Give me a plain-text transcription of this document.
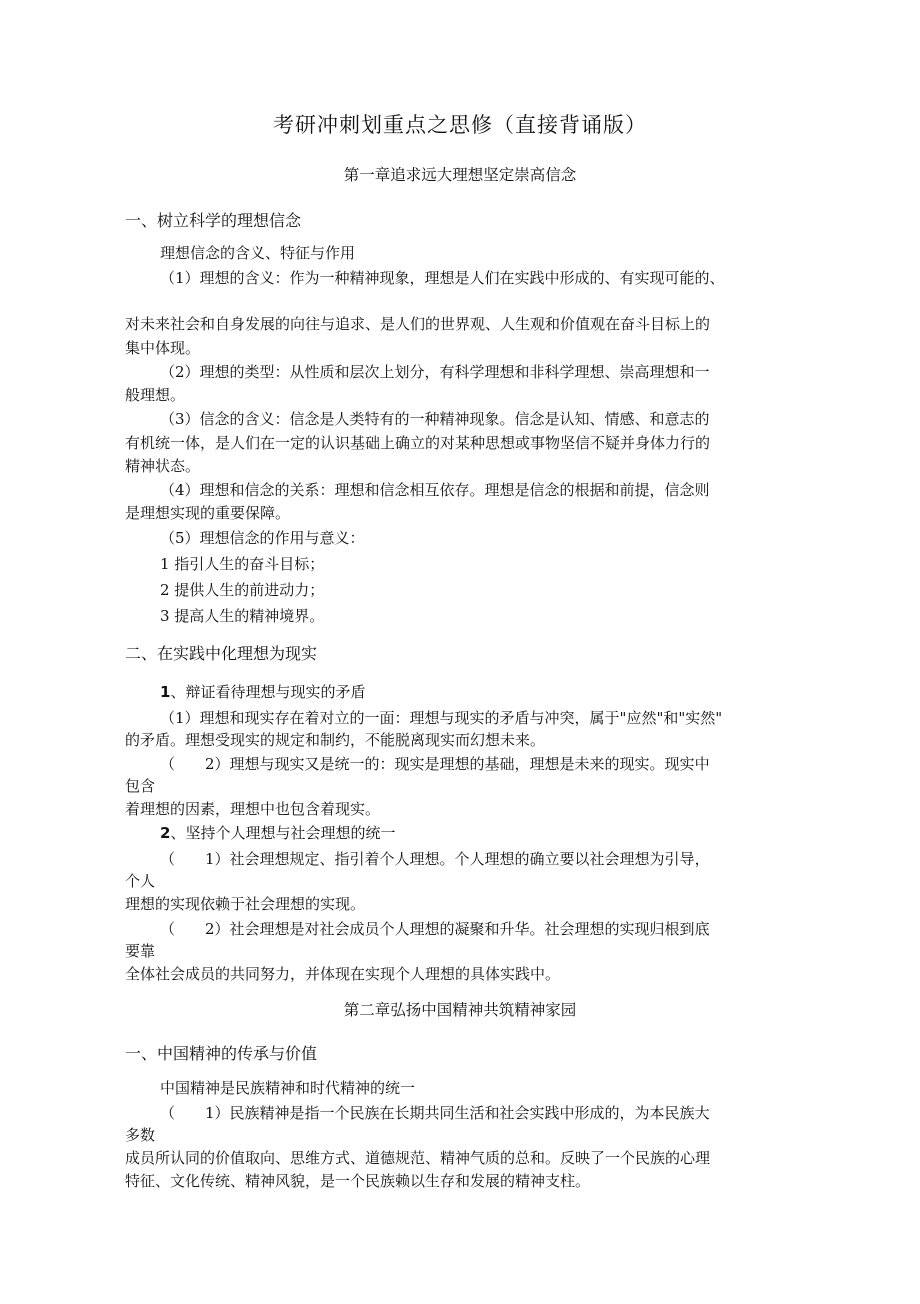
考研冲刺划重点之思修（直接背诵版）
第一章追求远大理想坚定崇高信念
一、树立科学的理想信念
理想信念的含义、特征与作用
（1）理想的含义：作为一种精神现象，理想是人们在实践中形成的、有实现可能的、
对未来社会和自身发展的向往与追求、是人们的世界观、人生观和价值观在奋斗目标上的
集中体现。
（2）理想的类型：从性质和层次上划分，有科学理想和非科学理想、崇高理想和一
般理想。
（3）信念的含义：信念是人类特有的一种精神现象。信念是认知、情感、和意志的
有机统一体，是人们在一定的认识基础上确立的对某种思想或事物坚信不疑并身体力行的
精神状态。
（4）理想和信念的关系：理想和信念相互依存。理想是信念的根据和前提，信念则
是理想实现的重要保障。
（5）理想信念的作用与意义：
1 指引人生的奋斗目标；
2 提供人生的前进动力；
3 提高人生的精神境界。
二、在实践中化理想为现实
1、辩证看待理想与现实的矛盾
（1）理想和现实存在着对立的一面：理想与现实的矛盾与冲突，属于"应然"和"实然"
的矛盾。理想受现实的规定和制约，不能脱离现实而幻想未来。
（ 2）理想与现实又是统一的：现实是理想的基础，理想是未来的现实。现实中
包含
着理想的因素，理想中也包含着现实。
2、坚持个人理想与社会理想的统一
（ 1）社会理想规定、指引着个人理想。个人理想的确立要以社会理想为引导，
个人
理想的实现依赖于社会理想的实现。
（ 2）社会理想是对社会成员个人理想的凝聚和升华。社会理想的实现归根到底
要靠
全体社会成员的共同努力，并体现在实现个人理想的具体实践中。
第二章弘扬中国精神共筑精神家园
一、中国精神的传承与价值
中国精神是民族精神和时代精神的统一
（ 1）民族精神是指一个民族在长期共同生活和社会实践中形成的，为本民族大
多数
成员所认同的价值取向、思维方式、道德规范、精神气质的总和。反映了一个民族的心理
特征、文化传统、精神风貌，是一个民族赖以生存和发展的精神支柱。
